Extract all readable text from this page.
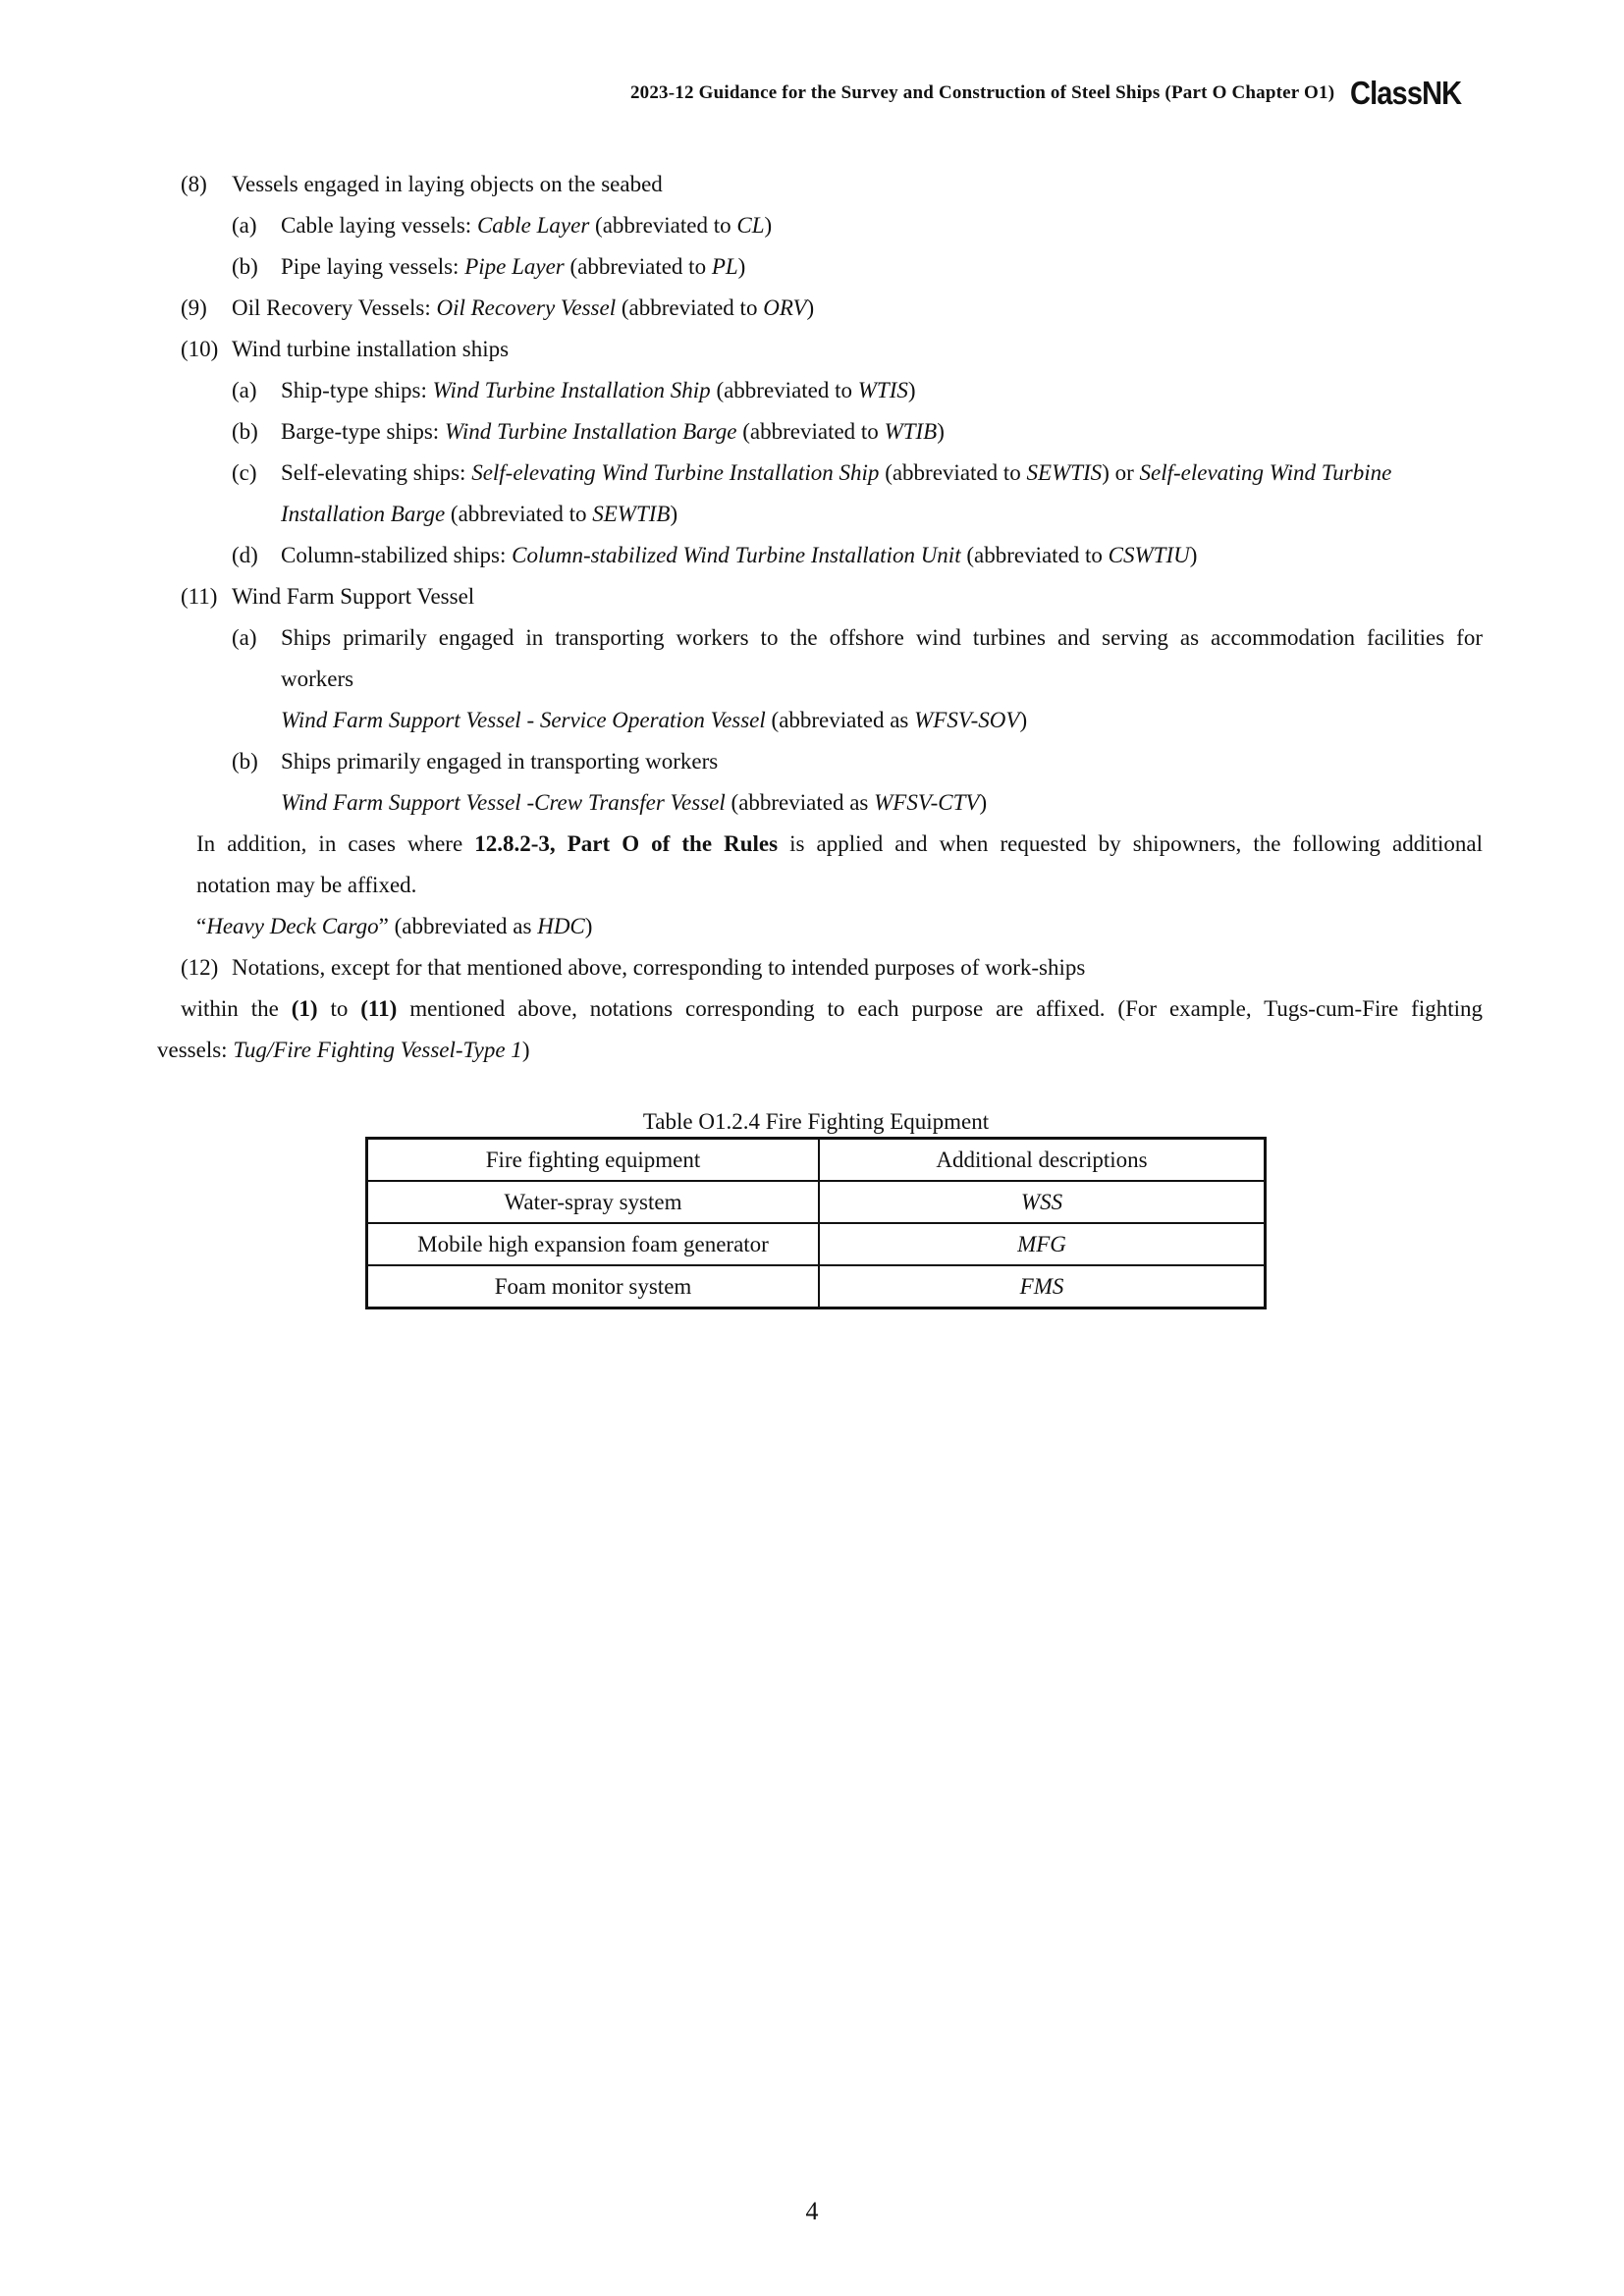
2023-12 Guidance for the Survey and Construction of Steel Ships (Part O Chapter O1) ClassNK
(8) Vessels engaged in laying objects on the seabed
(a) Cable laying vessels: Cable Layer (abbreviated to CL)
(b) Pipe laying vessels: Pipe Layer (abbreviated to PL)
(9) Oil Recovery Vessels: Oil Recovery Vessel (abbreviated to ORV)
(10) Wind turbine installation ships
(a) Ship-type ships: Wind Turbine Installation Ship (abbreviated to WTIS)
(b) Barge-type ships: Wind Turbine Installation Barge (abbreviated to WTIB)
(c) Self-elevating ships: Self-elevating Wind Turbine Installation Ship (abbreviated to SEWTIS) or Self-elevating Wind Turbine
Installation Barge (abbreviated to SEWTIB)
(d) Column-stabilized ships: Column-stabilized Wind Turbine Installation Unit (abbreviated to CSWTIU)
(11) Wind Farm Support Vessel
(a)	Ships primarily engaged in transporting workers to the offshore wind turbines and serving as accommodation facilities for
workers
Wind Farm Support Vessel - Service Operation Vessel (abbreviated as WFSV-SOV)
(b) Ships primarily engaged in transporting workers
Wind Farm Support Vessel -Crew Transfer Vessel (abbreviated as WFSV-CTV)
In addition, in cases where 12.8.2-3, Part O of the Rules is applied and when requested by shipowners, the following additional
notation may be affixed.
“Heavy Deck Cargo” (abbreviated as HDC)
(12) Notations, except for that mentioned above, corresponding to intended purposes of work-ships
within the (1) to (11) mentioned above, notations corresponding to each purpose are affixed. (For example, Tugs-cum-Fire fighting
vessels: Tug/Fire Fighting Vessel-Type 1)
Table O1.2.4 Fire Fighting Equipment
Fire fighting equipment	Additional descriptions
Water-spray system	WSS
Mobile high expansion foam generator	MFG
Foam monitor system	FMS
4
